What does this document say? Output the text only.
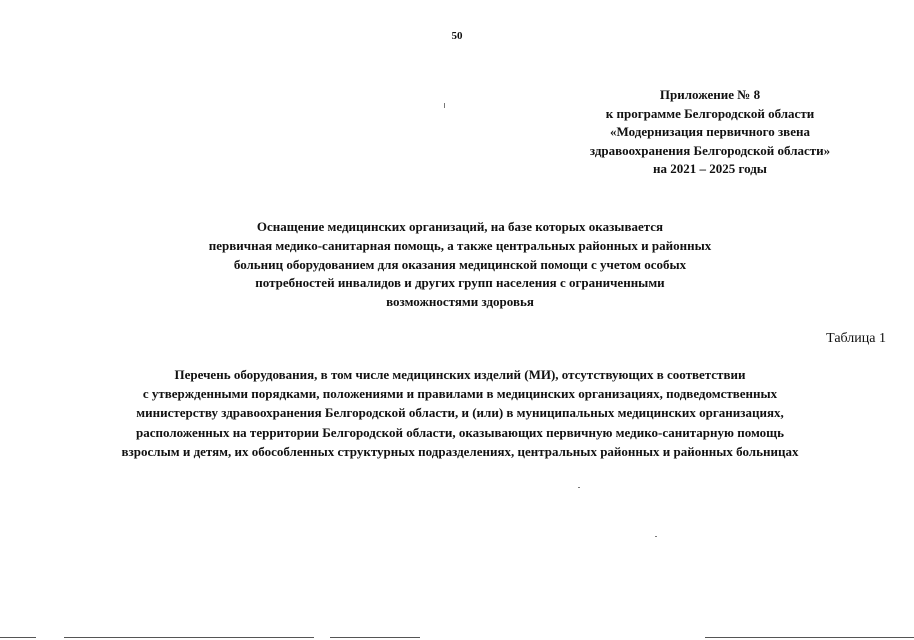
50
Приложение № 8
к программе Белгородской области
«Модернизация первичного звена
здравоохранения Белгородской области»
на 2021 – 2025 годы
Оснащение медицинских организаций, на базе которых оказывается
первичная медико-санитарная помощь, а также центральных районных и районных
больниц оборудованием для оказания медицинской помощи с учетом особых
потребностей инвалидов и других групп населения с ограниченными
возможностями здоровья
Таблица 1
Перечень оборудования, в том числе медицинских изделий (МИ), отсутствующих в соответствии
с утвержденными порядками, положениями и правилами в медицинских организациях, подведомственных
министерству здравоохранения Белгородской области, и (или) в муниципальных медицинских организациях,
расположенных на территории Белгородской области, оказывающих первичную медико-санитарную помощь
взрослым и детям, их обособленных структурных подразделениях, центральных районных и районных больницах
